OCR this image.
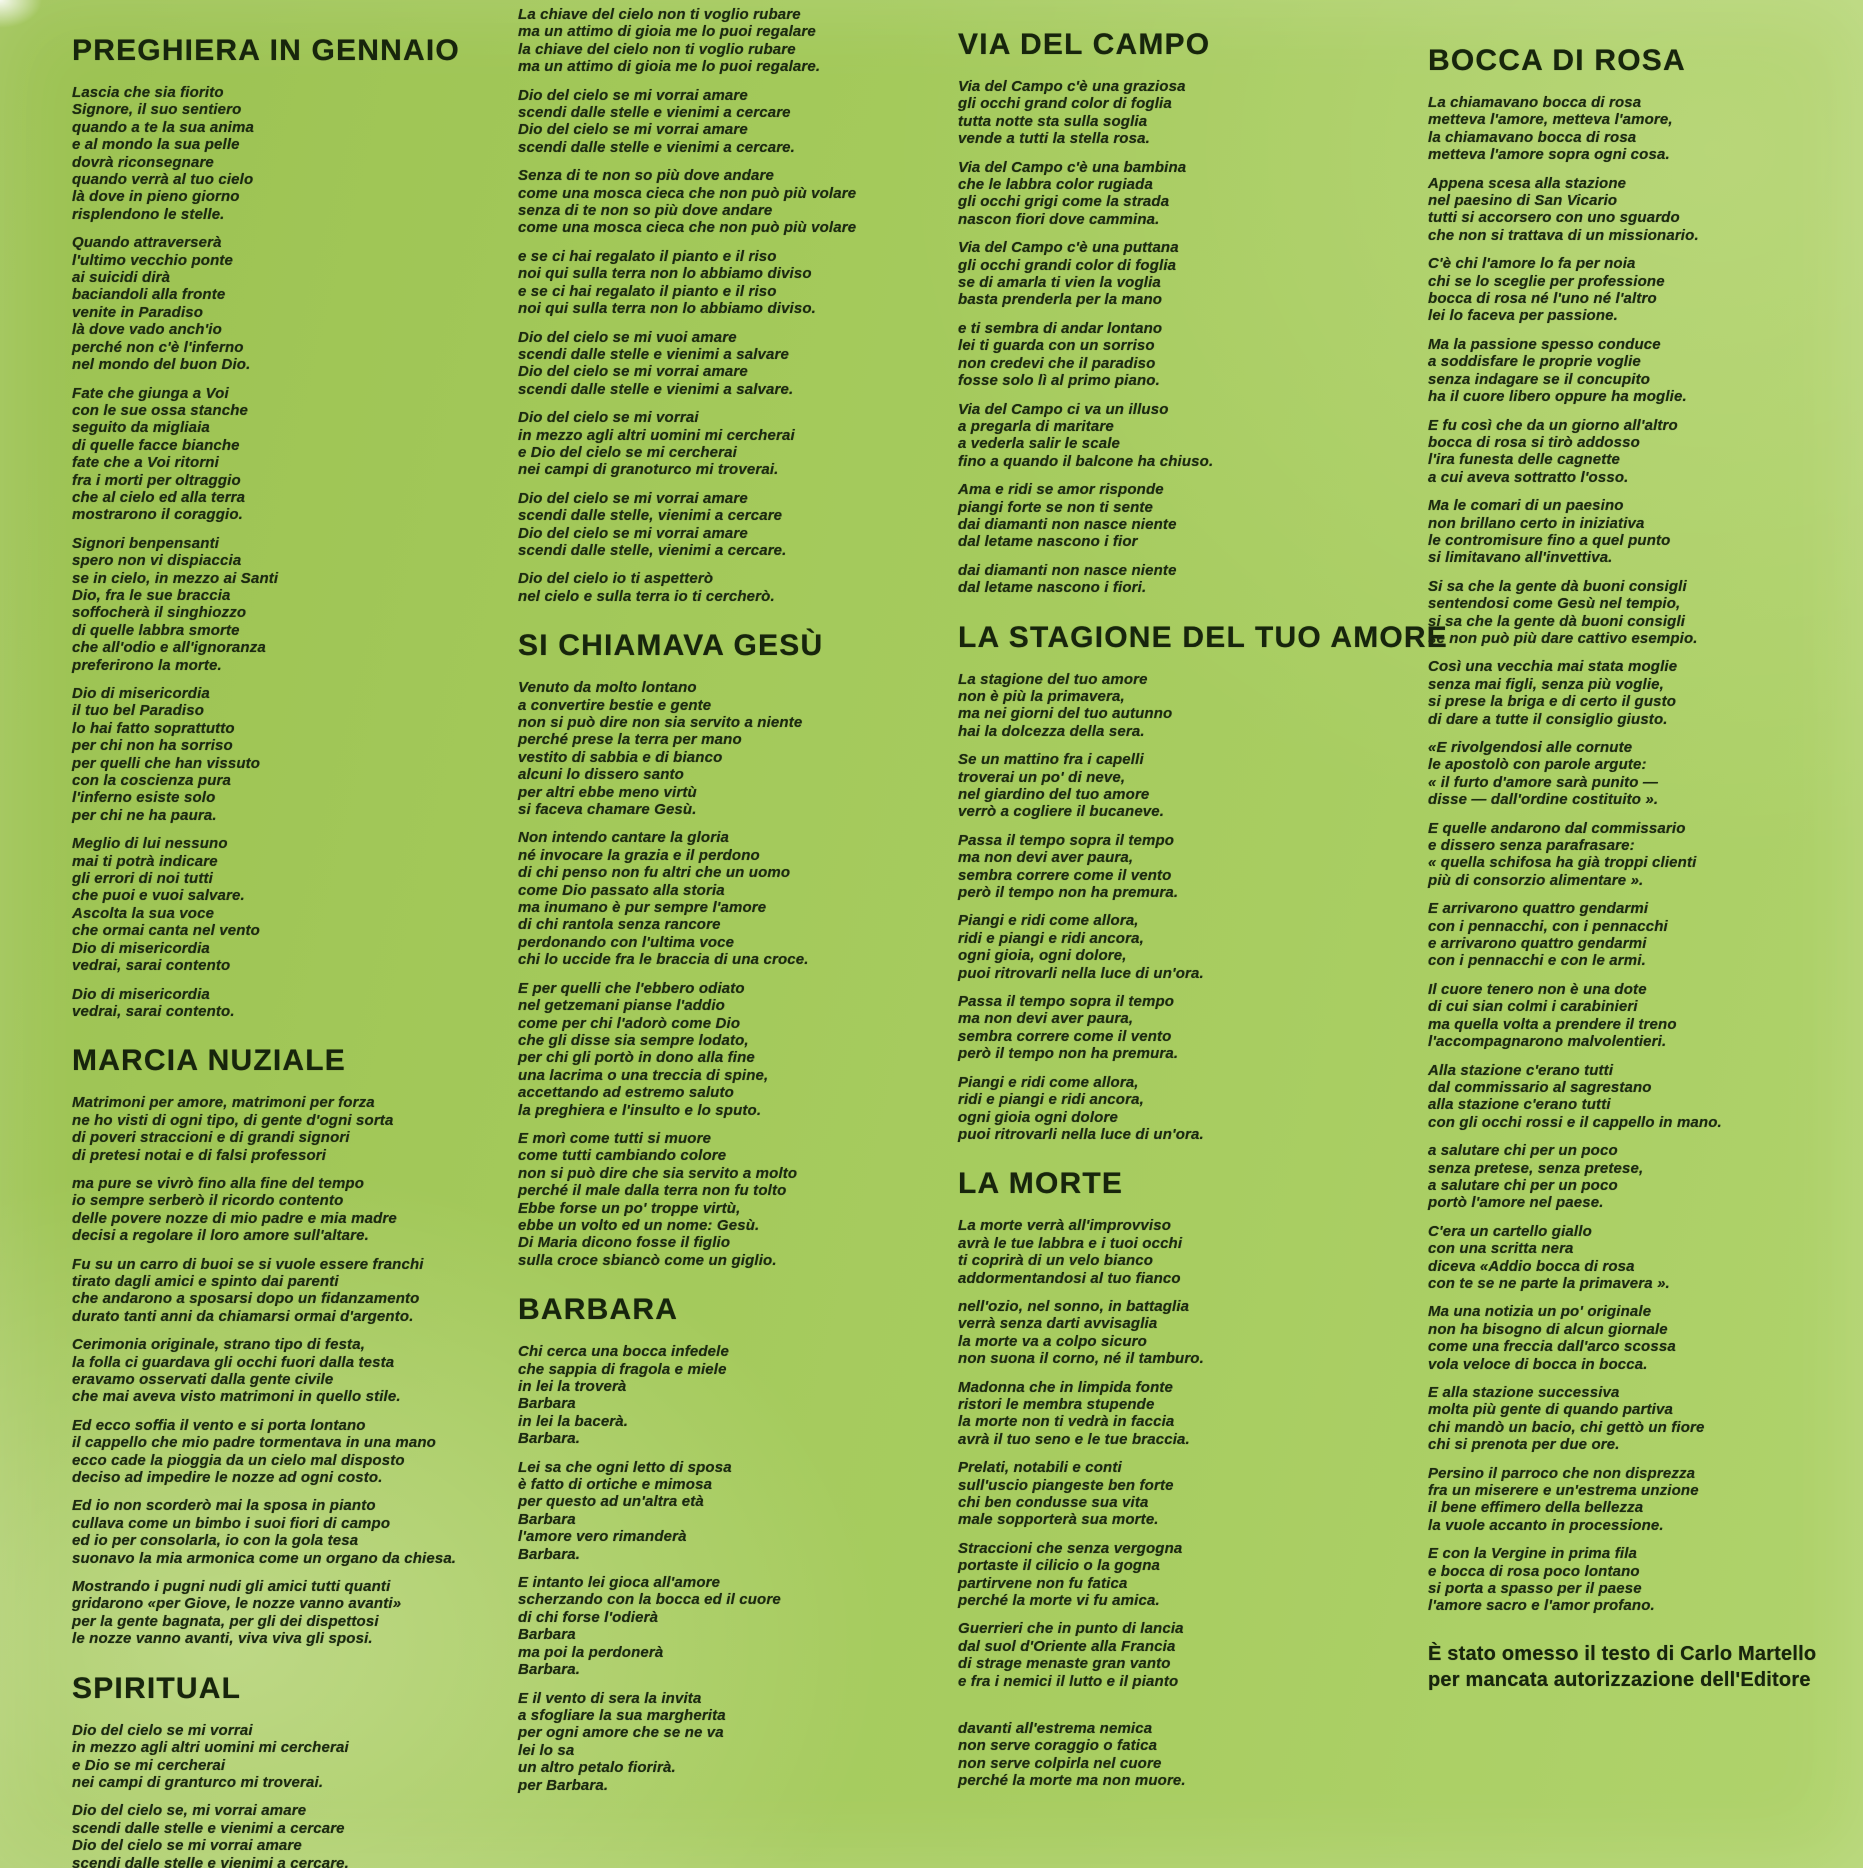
PREGHIERA IN GENNAIO

Lascia che sia fiorito
Signore, il suo sentiero
quando a te la sua anima
e al mondo la sua pelle
dovrà riconsegnare
quando verrà al tuo cielo
là dove in pieno giorno
risplendono le stelle.

Quando attraverserà
l'ultimo vecchio ponte
ai suicidi dirà
baciandoli alla fronte
venite in Paradiso
là dove vado anch'io
perché non c'è l'inferno
nel mondo del buon Dio.

Fate che giunga a Voi
con le sue ossa stanche
seguito da migliaia
di quelle facce bianche
fate che a Voi ritorni
fra i morti per oltraggio
che al cielo ed alla terra
mostrarono il coraggio.

Signori benpensanti
spero non vi dispiaccia
se in cielo, in mezzo ai Santi
Dio, fra le sue braccia
soffocherà il singhiozzo
di quelle labbra smorte
che all'odio e all'ignoranza
preferirono la morte.

Dio di misericordia
il tuo bel Paradiso
lo hai fatto soprattutto
per chi non ha sorriso
per quelli che han vissuto
con la coscienza pura
l'inferno esiste solo
per chi ne ha paura.

Meglio di lui nessuno
mai ti potrà indicare
gli errori di noi tutti
che puoi e vuoi salvare.
Ascolta la sua voce
che ormai canta nel vento
Dio di misericordia
vedrai, sarai contento

Dio di misericordia
vedrai, sarai contento.

MARCIA NUZIALE

Matrimoni per amore, matrimoni per forza
ne ho visti di ogni tipo, di gente d'ogni sorta
di poveri straccioni e di grandi signori
di pretesi notai e di falsi professori

ma pure se vivrò fino alla fine del tempo
io sempre serberò il ricordo contento
delle povere nozze di mio padre e mia madre
decisi a regolare il loro amore sull'altare.

Fu su un carro di buoi se si vuole essere franchi
tirato dagli amici e spinto dai parenti
che andarono a sposarsi dopo un fidanzamento
durato tanti anni da chiamarsi ormai d'argento.

Cerimonia originale, strano tipo di festa,
la folla ci guardava gli occhi fuori dalla testa
eravamo osservati dalla gente civile
che mai aveva visto matrimoni in quello stile.

Ed ecco soffia il vento e si porta lontano
il cappello che mio padre tormentava in una mano
ecco cade la pioggia da un cielo mal disposto
deciso ad impedire le nozze ad ogni costo.

Ed io non scorderò mai la sposa in pianto
cullava come un bimbo i suoi fiori di campo
ed io per consolarla, io con la gola tesa
suonavo la mia armonica come un organo da chiesa.

Mostrando i pugni nudi gli amici tutti quanti
gridarono «per Giove, le nozze vanno avanti»
per la gente bagnata, per gli dei dispettosi
le nozze vanno avanti, viva viva gli sposi.

SPIRITUAL

Dio del cielo se mi vorrai
in mezzo agli altri uomini mi cercherai
e Dio se mi cercherai
nei campi di granturco mi troverai.

Dio del cielo se, mi vorrai amare
scendi dalle stelle e vienimi a cercare
Dio del cielo se mi vorrai amare
scendi dalle stelle e vienimi a cercare.

La chiave del cielo non ti voglio rubare
ma un attimo di gioia me lo puoi regalare
la chiave del cielo non ti voglio rubare
ma un attimo di gioia me lo puoi regalare.

Dio del cielo se mi vorrai amare
scendi dalle stelle e vienimi a cercare
Dio del cielo se mi vorrai amare
scendi dalle stelle e vienimi a cercare.

Senza di te non so più dove andare
come una mosca cieca che non può più volare
senza di te non so più dove andare
come una mosca cieca che non può più volare

e se ci hai regalato il pianto e il riso
noi qui sulla terra non lo abbiamo diviso
e se ci hai regalato il pianto e il riso
noi qui sulla terra non lo abbiamo diviso.

Dio del cielo se mi vuoi amare
scendi dalle stelle e vienimi a salvare
Dio del cielo se mi vorrai amare
scendi dalle stelle e vienimi a salvare.

Dio del cielo se mi vorrai
in mezzo agli altri uomini mi cercherai
e Dio del cielo se mi cercherai
nei campi di granoturco mi troverai.

Dio del cielo se mi vorrai amare
scendi dalle stelle, vienimi a cercare
Dio del cielo se mi vorrai amare
scendi dalle stelle, vienimi a cercare.

Dio del cielo io ti aspetterò
nel cielo e sulla terra io ti cercherò.

SI CHIAMAVA GESÙ

Venuto da molto lontano
a convertire bestie e gente
non si può dire non sia servito a niente
perché prese la terra per mano
vestito di sabbia e di bianco
alcuni lo dissero santo
per altri ebbe meno virtù
si faceva chamare Gesù.

Non intendo cantare la gloria
né invocare la grazia e il perdono
di chi penso non fu altri che un uomo
come Dio passato alla storia
ma inumano è pur sempre l'amore
di chi rantola senza rancore
perdonando con l'ultima voce
chi lo uccide fra le braccia di una croce.

E per quelli che l'ebbero odiato
nel getzemani pianse l'addio
come per chi l'adorò come Dio
che gli disse sia sempre lodato,
per chi gli portò in dono alla fine
una lacrima o una treccia di spine,
accettando ad estremo saluto
la preghiera e l'insulto e lo sputo.

E morì come tutti si muore
come tutti cambiando colore
non si può dire che sia servito a molto
perché il male dalla terra non fu tolto
Ebbe forse un po' troppe virtù,
ebbe un volto ed un nome: Gesù.
Di Maria dicono fosse il figlio
sulla croce sbiancò come un giglio.

BARBARA

Chi cerca una bocca infedele
che sappia di fragola e miele
in lei la troverà
Barbara
in lei la bacerà.
Barbara.

Lei sa che ogni letto di sposa
è fatto di ortiche e mimosa
per questo ad un'altra età
Barbara
l'amore vero rimanderà
Barbara.

E intanto lei gioca all'amore
scherzando con la bocca ed il cuore
di chi forse l'odierà
Barbara
ma poi la perdonerà
Barbara.

E il vento di sera la invita
a sfogliare la sua margherita
per ogni amore che se ne va
lei lo sa
un altro petalo fiorirà.
per Barbara.

VIA DEL CAMPO

Via del Campo c'è una graziosa
gli occhi grand color di foglia
tutta notte sta sulla soglia
vende a tutti la stella rosa.

Via del Campo c'è una bambina
che le labbra color rugiada
gli occhi grigi come la strada
nascon fiori dove cammina.

Via del Campo c'è una puttana
gli occhi grandi color di foglia
se di amarla ti vien la voglia
basta prenderla per la mano

e ti sembra di andar lontano
lei ti guarda con un sorriso
non credevi che il paradiso
fosse solo lì al primo piano.

Via del Campo ci va un illuso
a pregarla di maritare
a vederla salir le scale
fino a quando il balcone ha chiuso.

Ama e ridi se amor risponde
piangi forte se non ti sente
dai diamanti non nasce niente
dal letame nascono i fior

dai diamanti non nasce niente
dal letame nascono i fiori.

LA STAGIONE DEL TUO AMORE

La stagione del tuo amore
non è più la primavera,
ma nei giorni del tuo autunno
hai la dolcezza della sera.

Se un mattino fra i capelli
troverai un po' di neve,
nel giardino del tuo amore
verrò a cogliere il bucaneve.

Passa il tempo sopra il tempo
ma non devi aver paura,
sembra correre come il vento
però il tempo non ha premura.

Piangi e ridi come allora,
ridi e piangi e ridi ancora,
ogni gioia, ogni dolore,
puoi ritrovarli nella luce di un'ora.

Passa il tempo sopra il tempo
ma non devi aver paura,
sembra correre come il vento
però il tempo non ha premura.

Piangi e ridi come allora,
ridi e piangi e ridi ancora,
ogni gioia ogni dolore
puoi ritrovarli nella luce di un'ora.

LA MORTE

La morte verrà all'improvviso
avrà le tue labbra e i tuoi occhi
ti coprirà di un velo bianco
addormentandosi al tuo fianco

nell'ozio, nel sonno, in battaglia
verrà senza darti avvisaglia
la morte va a colpo sicuro
non suona il corno, né il tamburo.

Madonna che in limpida fonte
ristori le membra stupende
la morte non ti vedrà in faccia
avrà il tuo seno e le tue braccia.

Prelati, notabili e conti
sull'uscio piangeste ben forte
chi ben condusse sua vita
male sopporterà sua morte.

Straccioni che senza vergogna
portaste il cilicio o la gogna
partirvene non fu fatica
perché la morte vi fu amica.

Guerrieri che in punto di lancia
dal suol d'Oriente alla Francia
di strage menaste gran vanto
e fra i nemici il lutto e il pianto

davanti all'estrema nemica
non serve coraggio o fatica
non serve colpirla nel cuore
perché la morte ma non muore.

BOCCA DI ROSA

La chiamavano bocca di rosa
metteva l'amore, metteva l'amore,
la chiamavano bocca di rosa
metteva l'amore sopra ogni cosa.

Appena scesa alla stazione
nel paesino di San Vicario
tutti si accorsero con uno sguardo
che non si trattava di un missionario.

C'è chi l'amore lo fa per noia
chi se lo sceglie per professione
bocca di rosa né l'uno né l'altro
lei lo faceva per passione.

Ma la passione spesso conduce
a soddisfare le proprie voglie
senza indagare se il concupito
ha il cuore libero oppure ha moglie.

E fu così che da un giorno all'altro
bocca di rosa si tirò addosso
l'ira funesta delle cagnette
a cui aveva sottratto l'osso.

Ma le comari di un paesino
non brillano certo in iniziativa
le contromisure fino a quel punto
si limitavano all'invettiva.

Si sa che la gente dà buoni consigli
sentendosi come Gesù nel tempio,
si sa che la gente dà buoni consigli
se non può più dare cattivo esempio.

Così una vecchia mai stata moglie
senza mai figli, senza più voglie,
si prese la briga e di certo il gusto
di dare a tutte il consiglio giusto.

«E rivolgendosi alle cornute
le apostolò con parole argute:
« il furto d'amore sarà punito —
disse — dall'ordine costituito ».

E quelle andarono dal commissario
e dissero senza parafrasare:
« quella schifosa ha già troppi clienti
più di consorzio alimentare ».

E arrivarono quattro gendarmi
con i pennacchi, con i pennacchi
e arrivarono quattro gendarmi
con i pennacchi e con le armi.

Il cuore tenero non è una dote
di cui sian colmi i carabinieri
ma quella volta a prendere il treno
l'accompagnarono malvolentieri.

Alla stazione c'erano tutti
dal commissario al sagrestano
alla stazione c'erano tutti
con gli occhi rossi e il cappello in mano.

a salutare chi per un poco
senza pretese, senza pretese,
a salutare chi per un poco
portò l'amore nel paese.

C'era un cartello giallo
con una scritta nera
diceva «Addio bocca di rosa
con te se ne parte la primavera ».

Ma una notizia un po' originale
non ha bisogno di alcun giornale
come una freccia dall'arco scossa
vola veloce di bocca in bocca.

E alla stazione successiva
molta più gente di quando partiva
chi mandò un bacio, chi gettò un fiore
chi si prenota per due ore.

Persino il parroco che non disprezza
fra un miserere e un'estrema unzione
il bene effimero della bellezza
la vuole accanto in processione.

E con la Vergine in prima fila
e bocca di rosa poco lontano
si porta a spasso per il paese
l'amore sacro e l'amor profano.

È stato omesso il testo di Carlo Martello
per mancata autorizzazione dell'Editore
